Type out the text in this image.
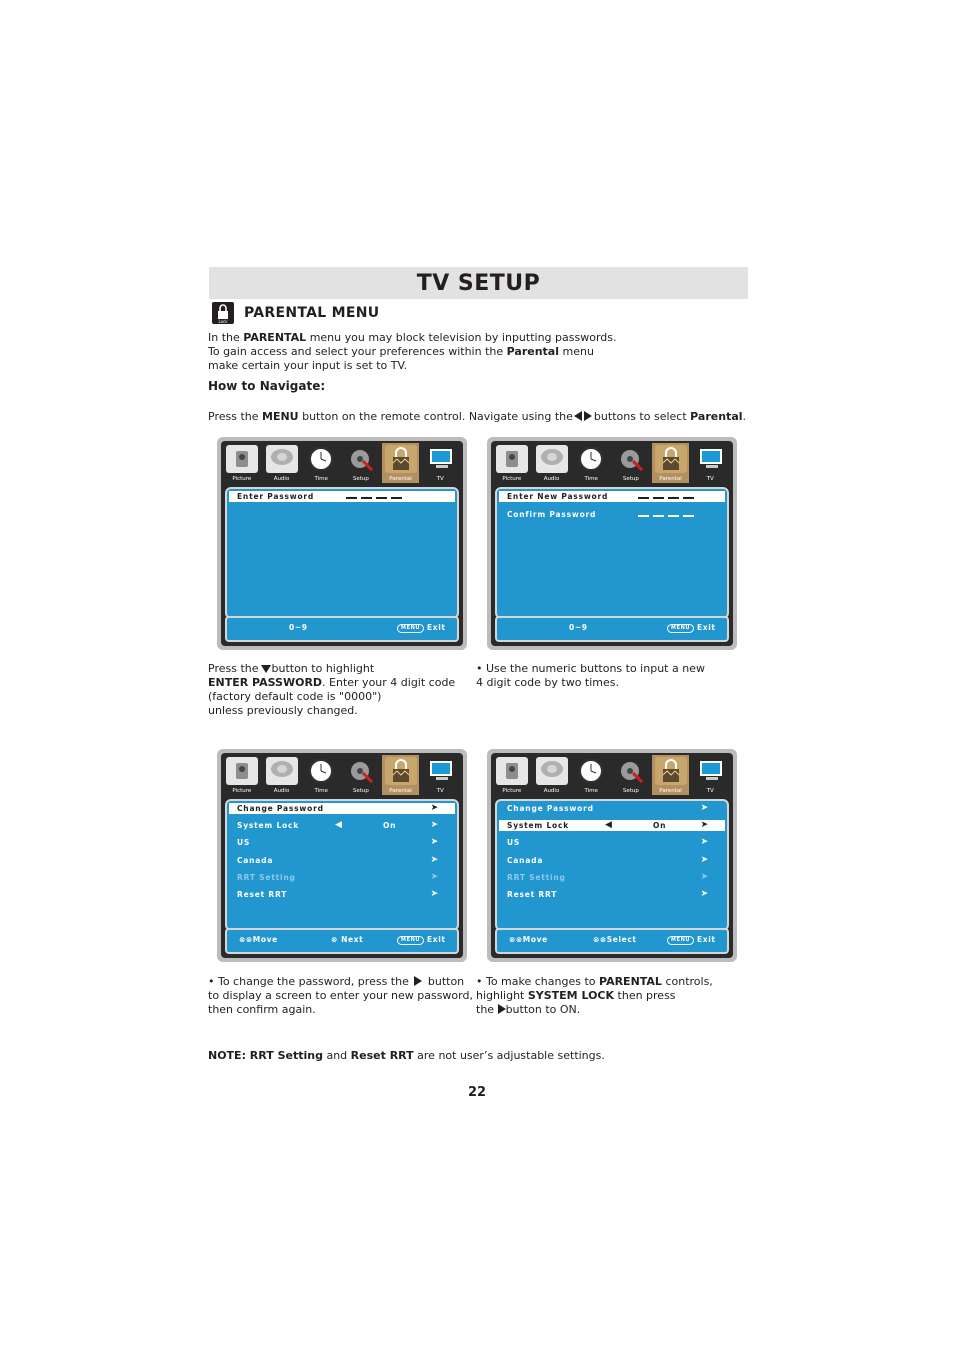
TV SETUP
Lock
PARENTAL MENU
In the PARENTAL menu you may block television by inputting passwords.
To gain access and select your preferences within the Parental menu
make certain your input is set to TV.
How to Navigate:
Press the MENU button on the remote control. Navigate using the buttons to select Parental.
Picture	Audio	Time	Setup	Parental	TV
Enter Password
0~9	MENU Exit
Picture	Audio	Time	Setup	Parental	TV
Enter New Password
Confirm Password
0~9	MENU Exit
Press the button to highlight
ENTER PASSWORD. Enter your 4 digit code
(factory default code is "0000")
unless previously changed.
• Use the numeric buttons to input a new
4 digit code by two times.
Picture	Audio	Time	Setup	Parental	TV
Change Password	➤
System Lock	◀	On	➤
US	➤
Canada	➤
RRT Setting	➤
Reset RRT	➤
⊗⊗Move	⊗ Next	MENU Exit
Picture	Audio	Time	Setup	Parental	TV
Change Password	➤
System Lock	◀	On	➤
US	➤
Canada	➤
RRT Setting	➤
Reset RRT	➤
⊗⊗Move	⊗⊗Select	MENU Exit
• To change the password, press the button
to display a screen to enter your new password,
then confirm again.
• To make changes to PARENTAL controls,
highlight SYSTEM LOCK then press
the button to ON.
NOTE: RRT Setting and Reset RRT are not user’s adjustable settings.
22
